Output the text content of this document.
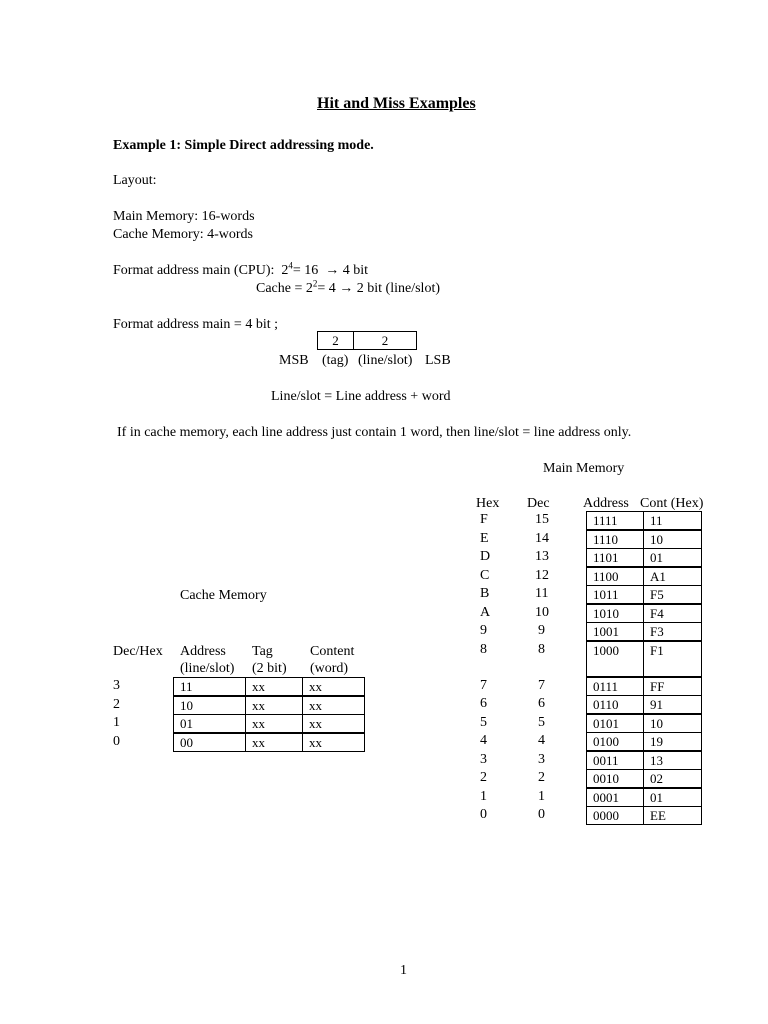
Hit and Miss Examples
Example 1: Simple Direct addressing mode.
Layout:
Main Memory: 16-words
Cache Memory: 4-words
Format address main (CPU): $2^4= 16 \to 4$ bit
Cache = $2^2= 4 \to 2$ bit (line/slot)
Format address main = 4 bit ;
2	2
MSB (tag) (line/slot) LSB
Line/slot = Line address + word
If in cache memory, each line address just contain 1 word, then line/slot = line address only.
Cache Memory
Dec/Hex Address
(line/slot)
Tag
(2 bit)
Content
(word)
3	11	xx	xx
2	10	xx	xx
1	01	xx	xx
0	00	xx	xx
Main Memory
Hex Dec Address Cont (Hex)
F	15	1111	11
E	14	1110	10
D	13	1101	01
C	12	1100	A1
B	11	1011	F5
A	10	1010	F4
9	9	1001	F3
8	8	1000	F1
7	7	0111	FF
6	6	0110	91
5	5	0101	10
4	4	0100	19
3	3	0011	13
2	2	0010	02
1	1	0001	01
0	0	0000	EE
1
